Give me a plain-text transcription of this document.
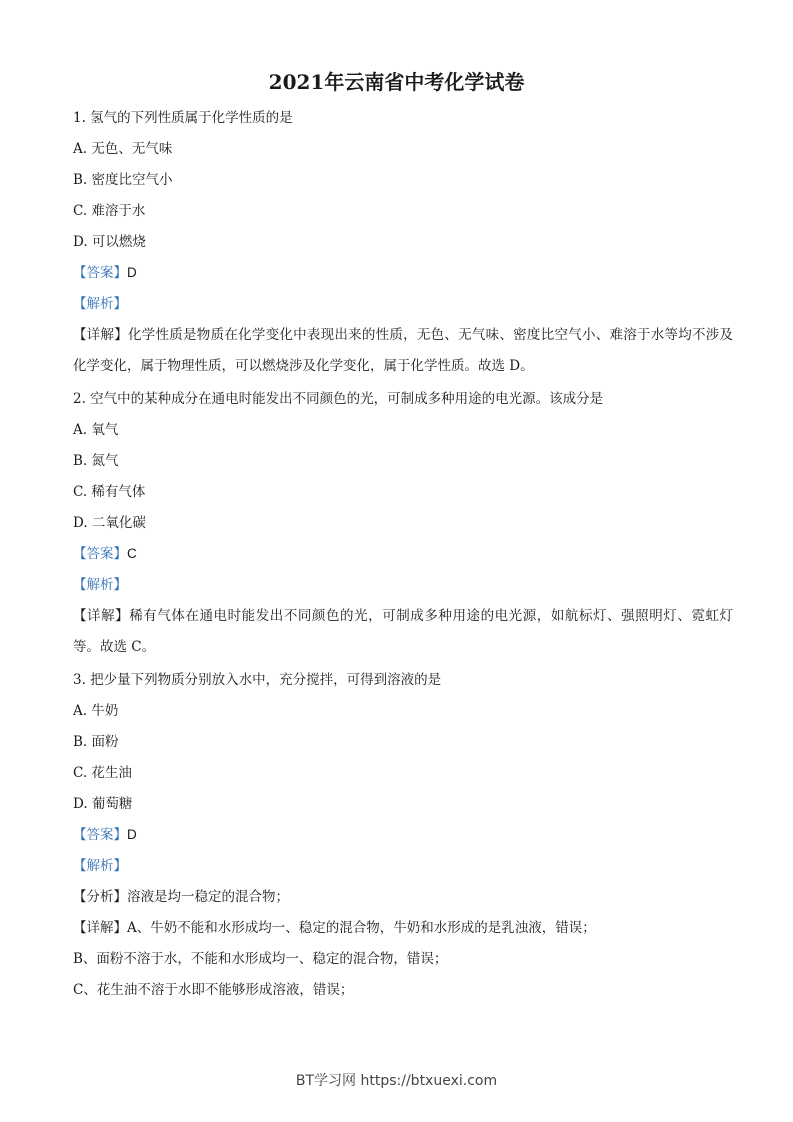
2021年云南省中考化学试卷
1. 氢气的下列性质属于化学性质的是
A. 无色、无气味
B. 密度比空气小
C. 难溶于水
D. 可以燃烧
【答案】D
【解析】
【详解】化学性质是物质在化学变化中表现出来的性质，无色、无气味、密度比空气小、难溶于水等均不涉及化学变化，属于物理性质，可以燃烧涉及化学变化，属于化学性质。故选 D。
2. 空气中的某种成分在通电时能发出不同颜色的光，可制成多种用途的电光源。该成分是
A. 氧气
B. 氮气
C. 稀有气体
D. 二氧化碳
【答案】C
【解析】
【详解】稀有气体在通电时能发出不同颜色的光，可制成多种用途的电光源，如航标灯、强照明灯、霓虹灯等。故选 C。
3. 把少量下列物质分别放入水中，充分搅拌，可得到溶液的是
A. 牛奶
B. 面粉
C. 花生油
D. 葡萄糖
【答案】D
【解析】
【分析】溶液是均一稳定的混合物；
【详解】A、牛奶不能和水形成均一、稳定的混合物，牛奶和水形成的是乳浊液，错误；
B、面粉不溶于水，不能和水形成均一、稳定的混合物，错误；
C、花生油不溶于水即不能够形成溶液，错误；
BT学习网 https://btxuexi.com
